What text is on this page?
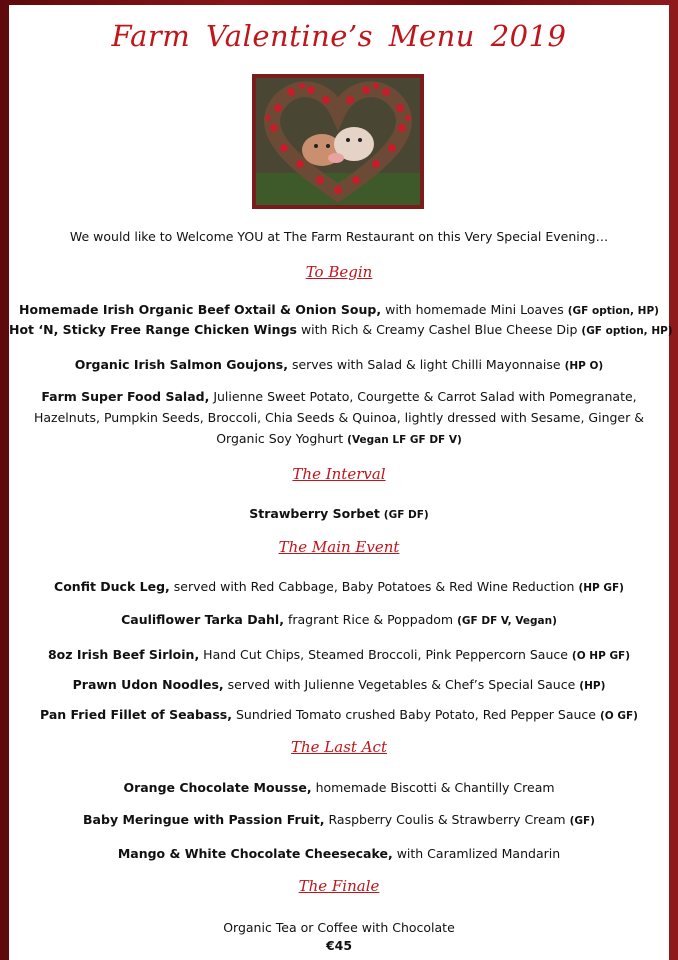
Farm Valentine’s Menu 2019
We would like to Welcome YOU at The Farm Restaurant on this Very Special Evening…
To Begin
Homemade Irish Organic Beef Oxtail & Onion Soup, with homemade Mini Loaves (GF option, HP)
Hot ‘N, Sticky Free Range Chicken Wings with Rich & Creamy Cashel Blue Cheese Dip (GF option, HP)
Organic Irish Salmon Goujons, serves with Salad & light Chilli Mayonnaise (HP O)
Farm Super Food Salad, Julienne Sweet Potato, Courgette & Carrot Salad with Pomegranate,
Hazelnuts, Pumpkin Seeds, Broccoli, Chia Seeds & Quinoa, lightly dressed with Sesame, Ginger &
Organic Soy Yoghurt (Vegan LF GF DF V)
The Interval
Strawberry Sorbet (GF DF)
The Main Event
Confit Duck Leg, served with Red Cabbage, Baby Potatoes & Red Wine Reduction (HP GF)
Cauliflower Tarka Dahl, fragrant Rice & Poppadom (GF DF V, Vegan)
8oz Irish Beef Sirloin, Hand Cut Chips, Steamed Broccoli, Pink Peppercorn Sauce (O HP GF)
Prawn Udon Noodles, served with Julienne Vegetables & Chef’s Special Sauce (HP)
Pan Fried Fillet of Seabass, Sundried Tomato crushed Baby Potato, Red Pepper Sauce (O GF)
The Last Act
Orange Chocolate Mousse, homemade Biscotti & Chantilly Cream
Baby Meringue with Passion Fruit, Raspberry Coulis & Strawberry Cream (GF)
Mango & White Chocolate Cheesecake, with Caramlized Mandarin
The Finale
Organic Tea or Coffee with Chocolate
€45
